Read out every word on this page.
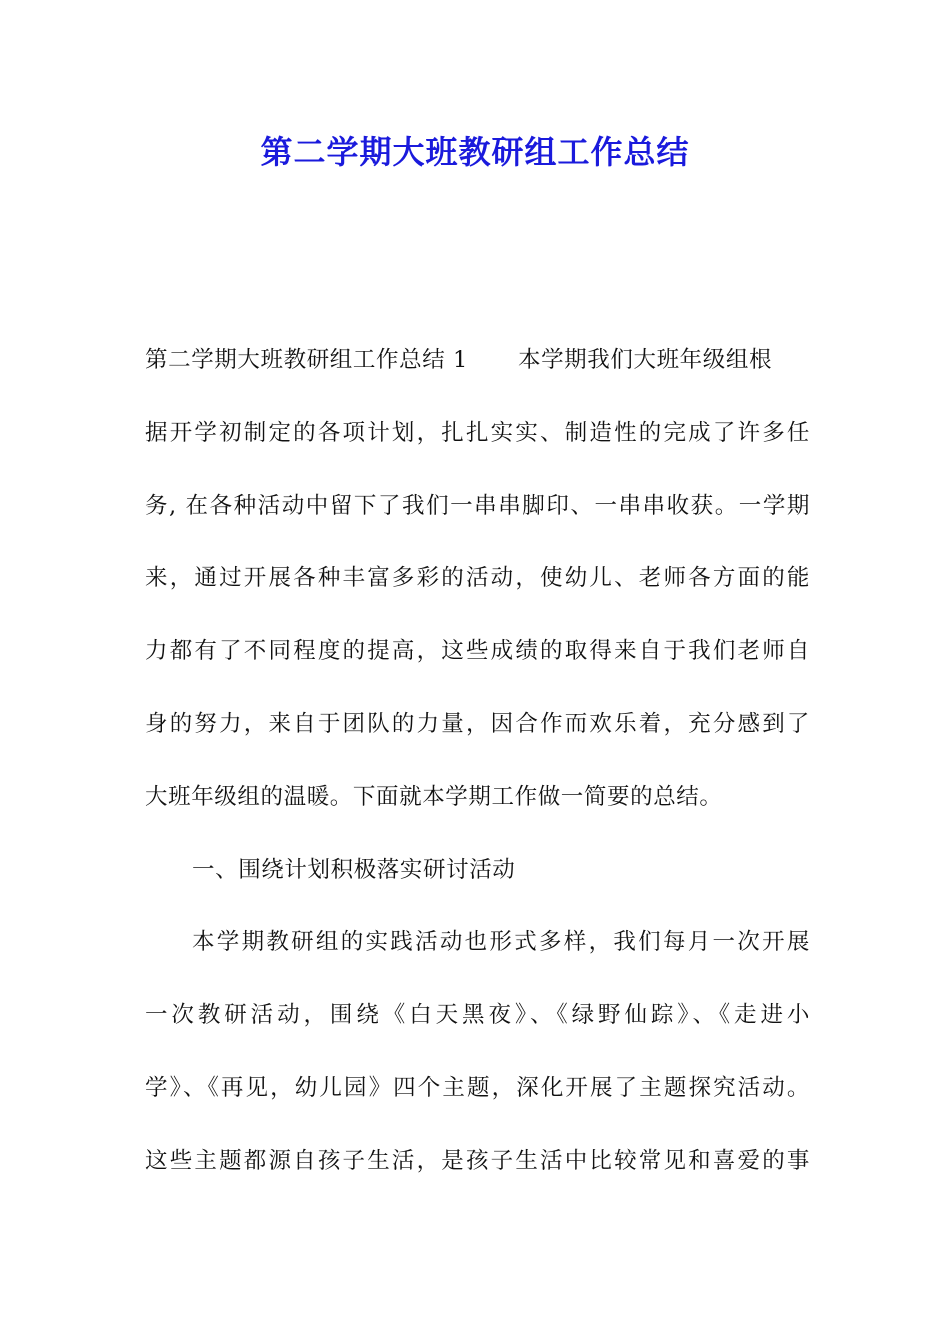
第二学期大班教研组工作总结
第二学期大班教研组工作总结 1 本学期我们大班年级组根
据开学初制定的各项计划，扎扎实实、制造性的完成了许多任
务, 在各种活动中留下了我们一串串脚印、一串串收获。一学期
来，通过开展各种丰富多彩的活动，使幼儿、老师各方面的能
力都有了不同程度的提高，这些成绩的取得来自于我们老师自
身的努力，来自于团队的力量，因合作而欢乐着，充分感到了
大班年级组的温暖。下面就本学期工作做一简要的总结。
一、围绕计划积极落实研讨活动
本学期教研组的实践活动也形式多样，我们每月一次开展
一次教研活动，围绕《白天黑夜》、《绿野仙踪》、《走进小
学》、《再见，幼儿园》四个主题，深化开展了主题探究活动。
这些主题都源自孩子生活，是孩子生活中比较常见和喜爱的事
